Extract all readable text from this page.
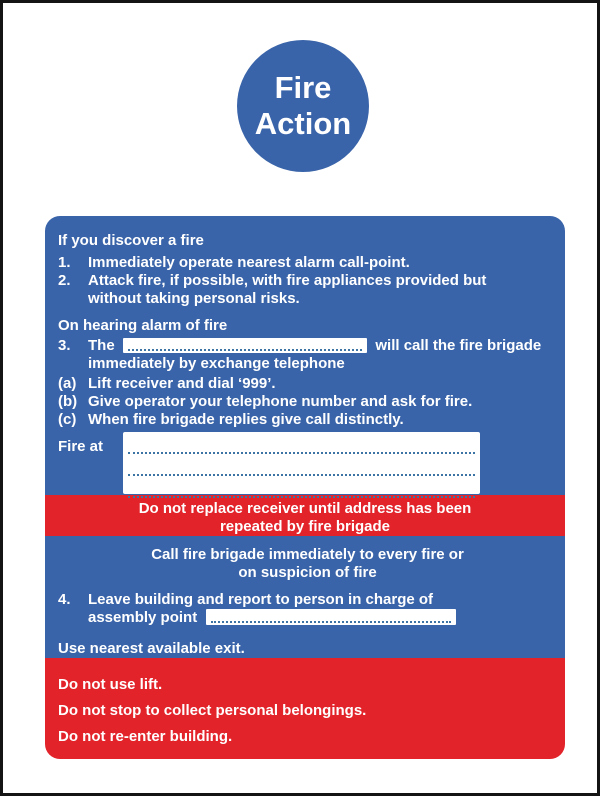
Fire
Action
If you discover a fire
1.	Immediately operate nearest alarm call-point.
2.	Attack fire, if possible, with fire appliances provided but
without taking personal risks.
On hearing alarm of fire
3.	The	will call the fire brigade
immediately by exchange telephone
(a) Lift receiver and dial ‘999’.
(b) Give operator your telephone number and ask for fire.
(c) When fire brigade replies give call distinctly.
Fire at
Do not replace receiver until address has been
repeated by fire brigade
Call fire brigade immediately to every fire or
on suspicion of fire
4.	Leave building and report to person in charge of
assembly point
Use nearest available exit.
Do not use lift.
Do not stop to collect personal belongings.
Do not re-enter building.
